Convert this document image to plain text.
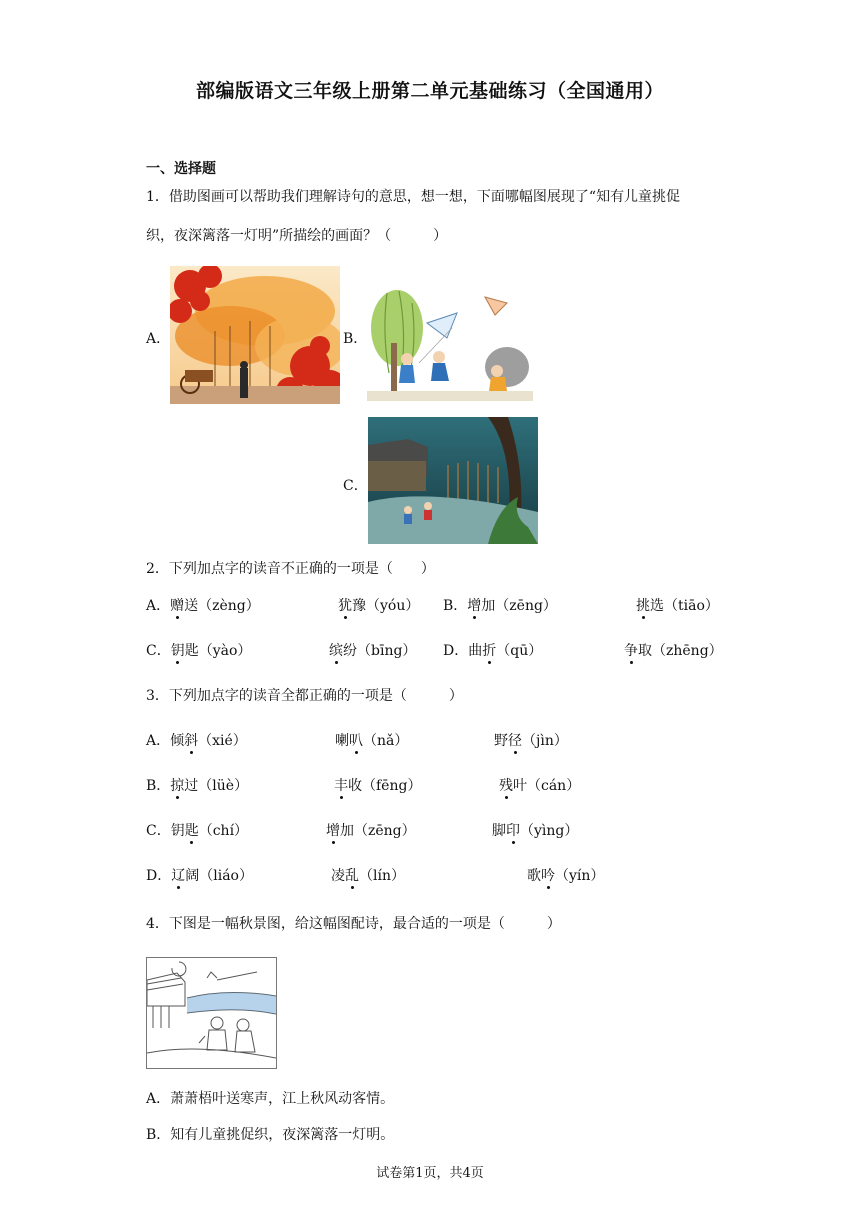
部编版语文三年级上册第二单元基础练习（全国通用）
一、选择题
1．借助图画可以帮助我们理解诗句的意思，想一想，下面哪幅图展现了“知有儿童挑促
织，夜深篱落一灯明”所描绘的画面？（　　　）
A．	B．
C．
2．下列加点字的读音不正确的一项是（　　）
A．赠送（zèng）	犹豫（yóu） B．增加（zēng）	挑选（tiāo）
C．钥匙（yào）	缤纷（bīng） D．曲折（qū）	争取（zhēng）
3．下列加点字的读音全都正确的一项是（　　　）
A．倾斜（xié）	喇叭（nǎ）	野径（jìn）
B．掠过（lüè）	丰收（fēng）	残叶（cán）
C．钥匙（chí）	增加（zēng）	脚印（yìng）
D．辽阔（liáo）	凌乱（lín）	歌吟（yín）
4．下图是一幅秋景图，给这幅图配诗，最合适的一项是（　　　）
A．萧萧梧叶送寒声，江上秋风动客情。
B．知有儿童挑促织，夜深篱落一灯明。
试卷第1页，共4页
